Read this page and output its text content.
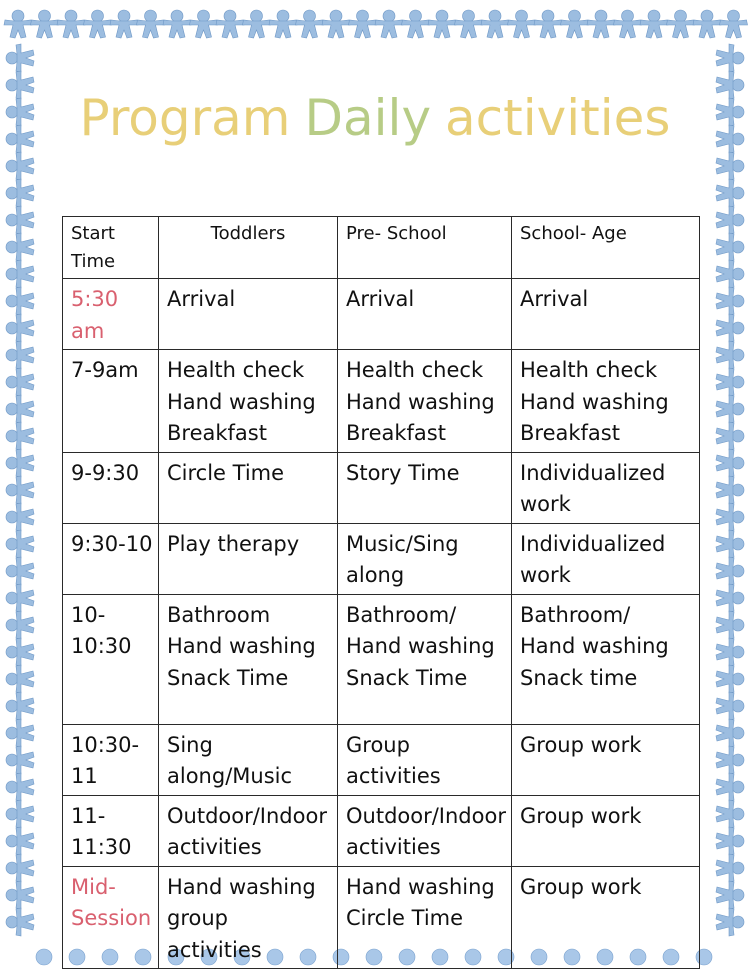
Program Daily activities
Start
Time	Toddlers	Pre- School	School- Age

5:30
am	Arrival	Arrival	Arrival

7-9am	Health check
Hand washing
Breakfast	Health check
Hand washing
Breakfast	Health check
Hand washing
Breakfast

9-9:30	Circle Time	Story Time	Individualized
work

9:30-10	Play therapy	Music/Sing
along	Individualized
work

10-
10:30	Bathroom
Hand washing
Snack Time	Bathroom/
Hand washing
Snack Time	Bathroom/
Hand washing
Snack time

10:30-
11	Sing
along/Music	Group
activities	Group work

11-
11:30	Outdoor/Indoor
activities	Outdoor/Indoor
activities	Group work

Mid-
Session	Hand washing
group
activities	Hand washing
Circle Time	Group work
